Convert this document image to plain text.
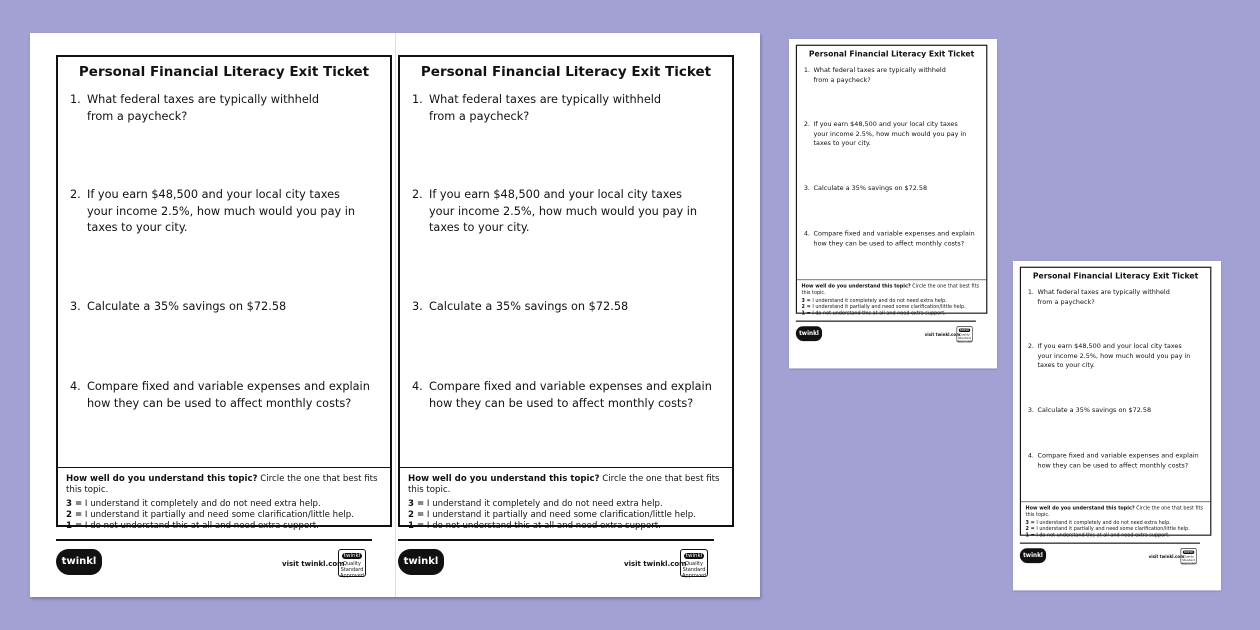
Personal Financial Literacy Exit Ticket
1. What federal taxes are typically withheld from a paycheck?
2. If you earn $48,500 and your local city taxes your income 2.5%, how much would you pay in taxes to your city.
3. Calculate a 35% savings on $72.58
4. Compare fixed and variable expenses and explain how they can be used to affect monthly costs?
How well do you understand this topic? Circle the one that best fits this topic.
3 = I understand it completely and do not need extra help.
2 = I understand it partially and need some clarification/little help.
1 = I do not understand this at all and need extra support.
twinkl	visit twinkl.com
twinkl
Quality Standard Approved
Personal Financial Literacy Exit Ticket
1. What federal taxes are typically withheld from a paycheck?
2. If you earn $48,500 and your local city taxes your income 2.5%, how much would you pay in taxes to your city.
3. Calculate a 35% savings on $72.58
4. Compare fixed and variable expenses and explain how they can be used to affect monthly costs?
How well do you understand this topic? Circle the one that best fits this topic.
3 = I understand it completely and do not need extra help.
2 = I understand it partially and need some clarification/little help.
1 = I do not understand this at all and need extra support.
twinkl	visit twinkl.com
twinkl
Quality Standard Approved
Personal Financial Literacy Exit Ticket
1. What federal taxes are typically withheld from a paycheck?
2. If you earn $48,500 and your local city taxes your income 2.5%, how much would you pay in taxes to your city.
3. Calculate a 35% savings on $72.58
4. Compare fixed and variable expenses and explain how they can be used to affect monthly costs?
How well do you understand this topic? Circle the one that best fits this topic.
3 = I understand it completely and do not need extra help.
2 = I understand it partially and need some clarification/little help.
1 = I do not understand this at all and need extra support.
twinkl	visit twinkl.com
twinkl
Quality Standard Approved
Personal Financial Literacy Exit Ticket
1. What federal taxes are typically withheld from a paycheck?
2. If you earn $48,500 and your local city taxes your income 2.5%, how much would you pay in taxes to your city.
3. Calculate a 35% savings on $72.58
4. Compare fixed and variable expenses and explain how they can be used to affect monthly costs?
How well do you understand this topic? Circle the one that best fits this topic.
3 = I understand it completely and do not need extra help.
2 = I understand it partially and need some clarification/little help.
1 = I do not understand this at all and need extra support.
twinkl	visit twinkl.com
twinkl
Quality Standard Approved
